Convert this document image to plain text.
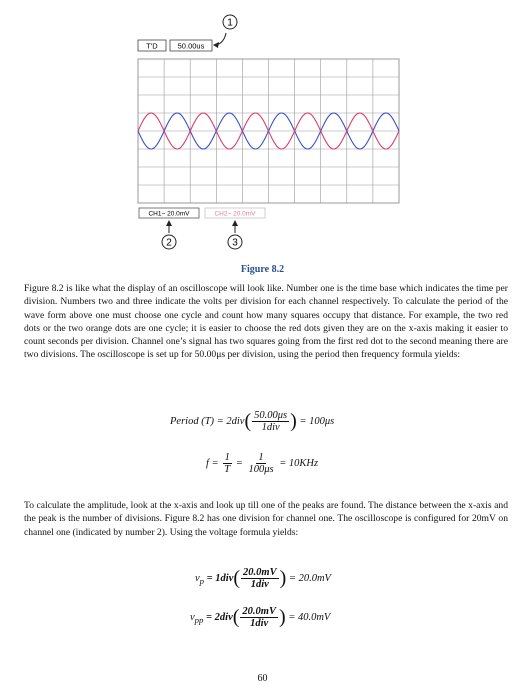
1
T'D	50.00us
CH1~ 20.0mV	CH2~ 20.0mV
2	3
Figure 8.2

Figure 8.2 is like what the display of an oscilloscope will look like. Number one is the time base which indicates the time per division. Numbers two and three indicate the volts per division for each channel respectively. To calculate the period of the wave form above one must choose one cycle and count how many squares occupy that distance. For example, the two red dots or the two orange dots are one cycle; it is easier to choose the red dots given they are on the x-axis making it easier to count seconds per division. Channel one’s signal has two squares going from the first red dot to the second meaning there are two divisions. The oscilloscope is set up for 50.00μs per division, using the period then frequency formula yields:

Period $(T) = 2div( \frac{50.00\mu s}{\text{1div}}$ ) = 100μs
$f = \frac{1}{T} = \frac{1}{100\mu s} = 10KHz$

To calculate the amplitude, look at the x-axis and look up till one of the peaks are found. The distance between the x-axis and the peak is the number of divisions. Figure 8.2 has one division for channel one. The oscilloscope is configured for 20mV on channel one (indicated by number 2). Using the voltage formula yields:

$v_p = 1div( \frac{20.0mV}{\text{1div}}$ ) = 20.0mV
$v_{pp} = 2div( \frac{20.0mV}{\text{1div}}$ ) = 40.0mV
60
